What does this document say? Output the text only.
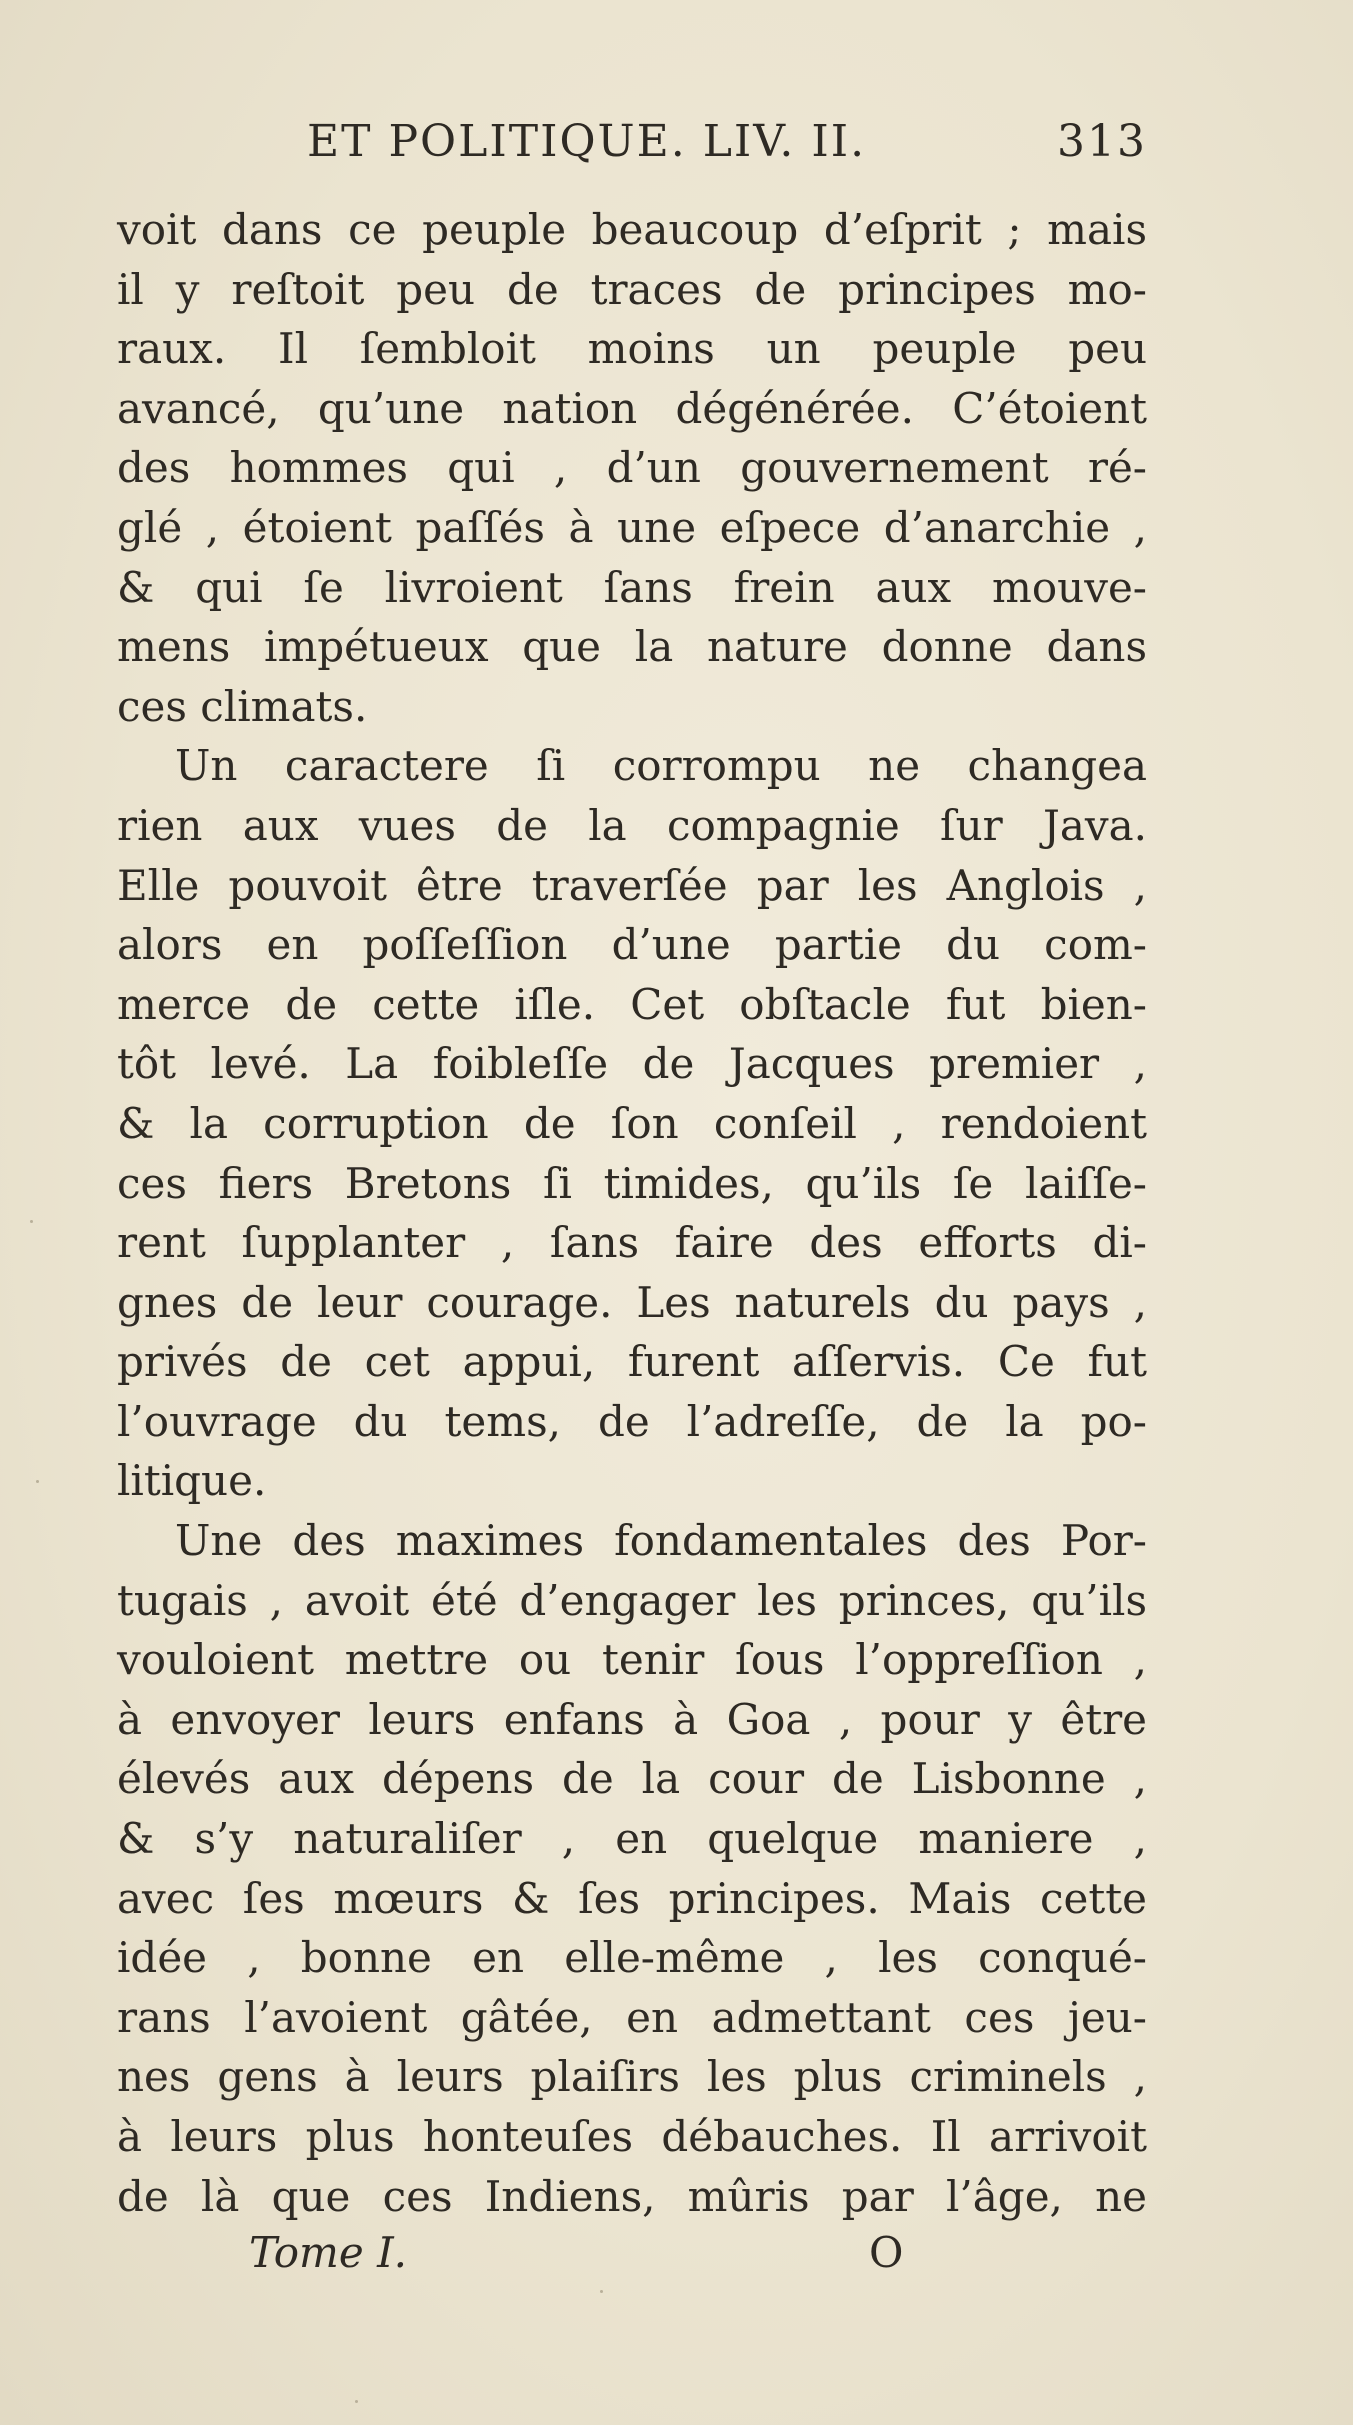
ET POLITIQUE. LIV. II.	313
voit dans ce peuple beaucoup d’eſprit ; mais
il y reſtoit peu de traces de principes mo-
raux. Il ſembloit moins un peuple peu
avancé, qu’une nation dégénérée. C’étoient
des hommes qui , d’un gouvernement ré-
glé , étoient paſſés à une eſpece d’anarchie ,
& qui ſe livroient ſans frein aux mouve-
mens impétueux que la nature donne dans
ces climats.
Un caractere ſi corrompu ne changea
rien aux vues de la compagnie ſur Java.
Elle pouvoit être traverſée par les Anglois ,
alors en poſſeſſion d’une partie du com-
merce de cette iſle. Cet obſtacle fut bien-
tôt levé. La foibleſſe de Jacques premier ,
& la corruption de ſon conſeil , rendoient
ces fiers Bretons ſi timides, qu’ils ſe laiſſe-
rent ſupplanter , ſans faire des efforts di-
gnes de leur courage. Les naturels du pays ,
privés de cet appui, furent aſſervis. Ce fut
l’ouvrage du tems, de l’adreſſe, de la po-
litique.
Une des maximes fondamentales des Por-
tugais , avoit été d’engager les princes, qu’ils
vouloient mettre ou tenir ſous l’oppreſſion ,
à envoyer leurs enfans à Goa , pour y être
élevés aux dépens de la cour de Lisbonne ,
& s’y naturaliſer , en quelque maniere ,
avec ſes mœurs & ſes principes. Mais cette
idée , bonne en elle-même , les conqué-
rans l’avoient gâtée, en admettant ces jeu-
nes gens à leurs plaiſirs les plus criminels ,
à leurs plus honteuſes débauches. Il arrivoit
de là que ces Indiens, mûris par l’âge, ne
Tome I.	O
